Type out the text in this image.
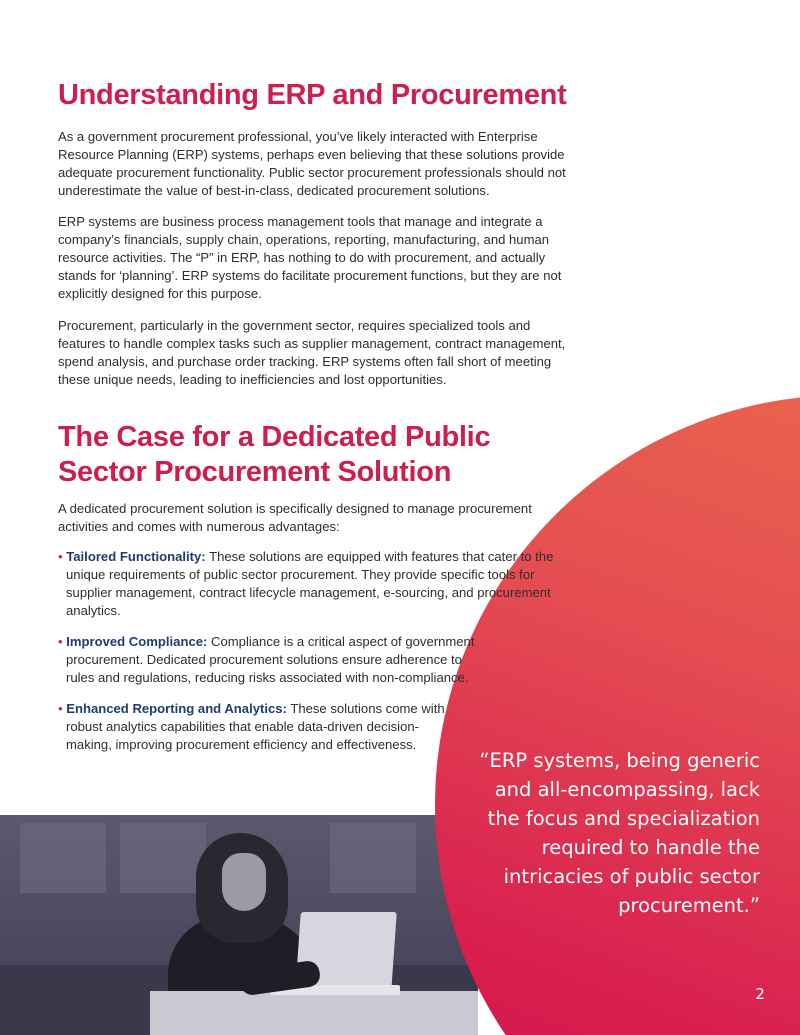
Understanding ERP and Procurement

As a government procurement professional, you’ve likely interacted with Enterprise Resource Planning (ERP) systems, perhaps even believing that these solutions provide adequate procurement functionality. Public sector procurement professionals should not underestimate the value of best-in-class, dedicated procurement solutions.

ERP systems are business process management tools that manage and integrate a company’s financials, supply chain, operations, reporting, manufacturing, and human resource activities. The “P” in ERP, has nothing to do with procurement, and actually stands for ‘planning’. ERP systems do facilitate procurement functions, but they are not explicitly designed for this purpose.

Procurement, particularly in the government sector, requires specialized tools and features to handle complex tasks such as supplier management, contract management, spend analysis, and purchase order tracking. ERP systems often fall short of meeting these unique needs, leading to inefficiencies and lost opportunities.

The Case for a Dedicated Public
Sector Procurement Solution

A dedicated procurement solution is specifically designed to manage procurement activities and comes with numerous advantages:

• Tailored Functionality: These solutions are equipped with features that cater to the unique requirements of public sector procurement. They provide specific tools for supplier management, contract lifecycle management, e-sourcing, and procurement analytics.

• Improved Compliance: Compliance is a critical aspect of government procurement. Dedicated procurement solutions ensure adherence to rules and regulations, reducing risks associated with non-compliance.

• Enhanced Reporting and Analytics: These solutions come with robust analytics capabilities that enable data-driven decision-making, improving procurement efficiency and effectiveness.

“ERP systems, being generic and all-encompassing, lack the focus and specialization required to handle the intricacies of public sector procurement.”

2
